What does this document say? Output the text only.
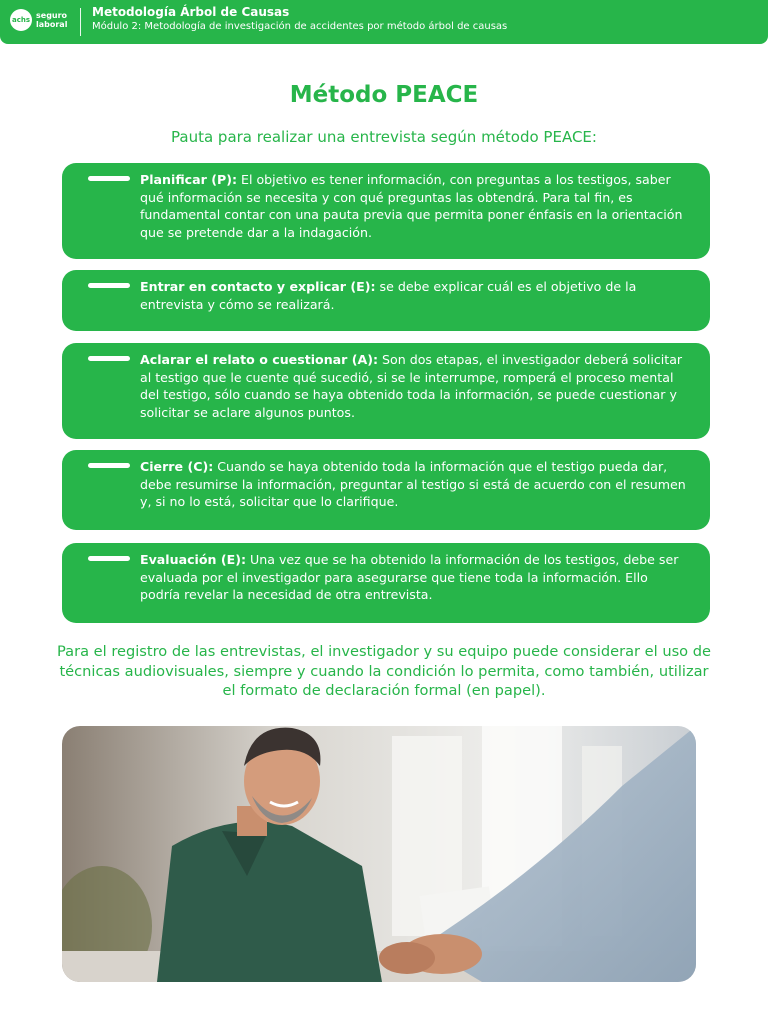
achs seguro
laboral
Metodología Árbol de Causas
Módulo 2: Metodología de investigación de accidentes por método árbol de causas
Método PEACE
Pauta para realizar una entrevista según método PEACE:
Planificar (P): El objetivo es tener información, con preguntas a los testigos, saber qué información se necesita y con qué preguntas las obtendrá. Para tal fin, es fundamental contar con una pauta previa que permita poner énfasis en la orientación que se pretende dar a la indagación.
Entrar en contacto y explicar (E): se debe explicar cuál es el objetivo de la entrevista y cómo se realizará.
Aclarar el relato o cuestionar (A): Son dos etapas, el investigador deberá solicitar al testigo que le cuente qué sucedió, si se le interrumpe, romperá el proceso mental del testigo, sólo cuando se haya obtenido toda la información, se puede cuestionar y solicitar se aclare algunos puntos.
Cierre (C): Cuando se haya obtenido toda la información que el testigo pueda dar, debe resumirse la información, preguntar al testigo si está de acuerdo con el resumen y, si no lo está, solicitar que lo clarifique.
Evaluación (E): Una vez que se ha obtenido la información de los testigos, debe ser evaluada por el investigador para asegurarse que tiene toda la información. Ello podría revelar la necesidad de otra entrevista.
Para el registro de las entrevistas, el investigador y su equipo puede considerar el uso de técnicas audiovisuales, siempre y cuando la condición lo permita, como también, utilizar el formato de declaración formal (en papel).
